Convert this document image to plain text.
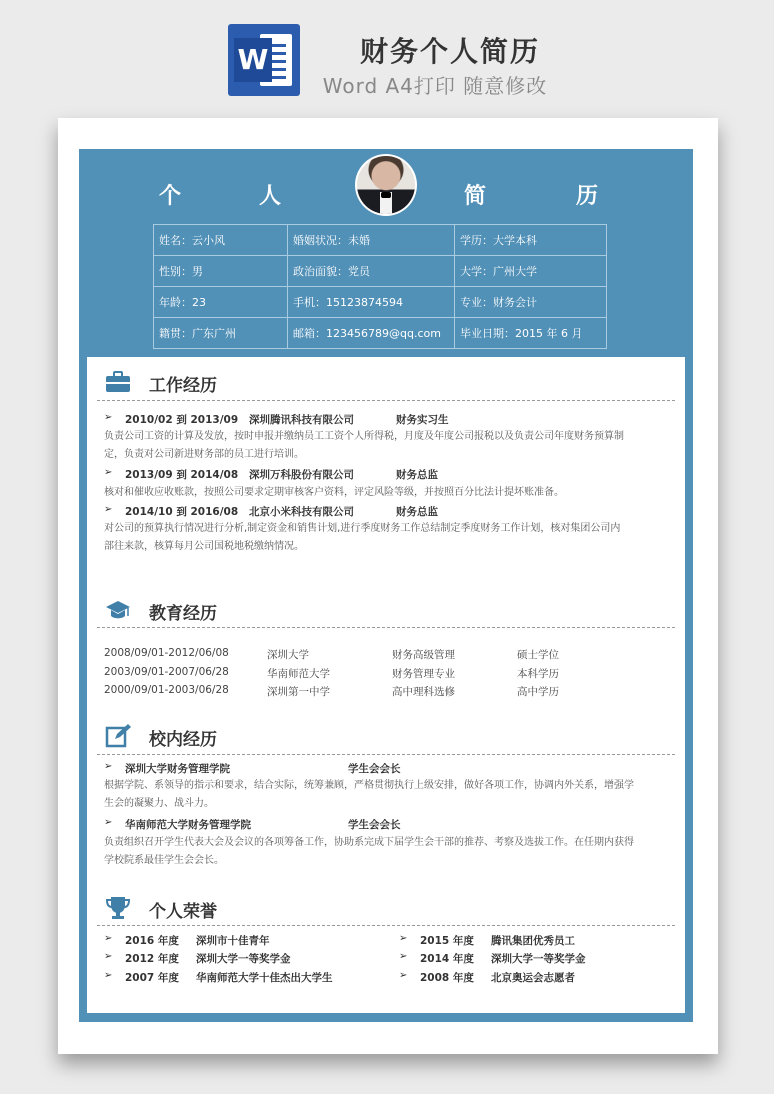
W	财务个人简历
Word A4打印 随意修改
个	人	简	历
姓名：云小风	婚姻状况：未婚	学历：大学本科
性别：男	政治面貌：党员	大学：广州大学
年龄：23	手机：15123874594	专业：财务会计
籍贯：广东广州	邮箱：123456789@qq.com	毕业日期：2015 年 6 月
工作经历
➢ 2010/02 到 2013/09 深圳腾讯科技有限公司	财务实习生
负责公司工资的计算及发放，按时申报并缴纳员工工资个人所得税，月度及年度公司报税以及负责公司年度财务预算制
定，负责对公司新进财务部的员工进行培训。
➢ 2013/09 到 2014/08 深圳万科股份有限公司	财务总监
核对和催收应收账款，按照公司要求定期审核客户资料，评定风险等级，并按照百分比法计提坏账准备。
➢ 2014/10 到 2016/08 北京小米科技有限公司	财务总监
对公司的预算执行情况进行分析,制定资金和销售计划,进行季度财务工作总结制定季度财务工作计划，核对集团公司内
部往来款，核算每月公司国税地税缴纳情况。
教育经历
2008/09/01-2012/06/08	深圳大学	财务高级管理	硕士学位
2003/09/01-2007/06/28	华南师范大学	财务管理专业	本科学历
2000/09/01-2003/06/28	深圳第一中学	高中理科选修	高中学历
校内经历
➢ 深圳大学财务管理学院	学生会会长
根据学院、系领导的指示和要求，结合实际，统筹兼顾，严格贯彻执行上级安排，做好各项工作，协调内外关系，增强学
生会的凝聚力、战斗力。
➢ 华南师范大学财务管理学院	学生会会长
负责组织召开学生代表大会及会议的各项筹备工作，协助系完成下届学生会干部的推荐、考察及选拔工作。在任期内获得
学校院系最佳学生会会长。
个人荣誉
➢ 2016 年度 深圳市十佳青年
➢ 2012 年度 深圳大学一等奖学金
➢ 2007 年度 华南师范大学十佳杰出大学生
➢ 2015 年度 腾讯集团优秀员工
➢ 2014 年度 深圳大学一等奖学金
➢ 2008 年度 北京奥运会志愿者
